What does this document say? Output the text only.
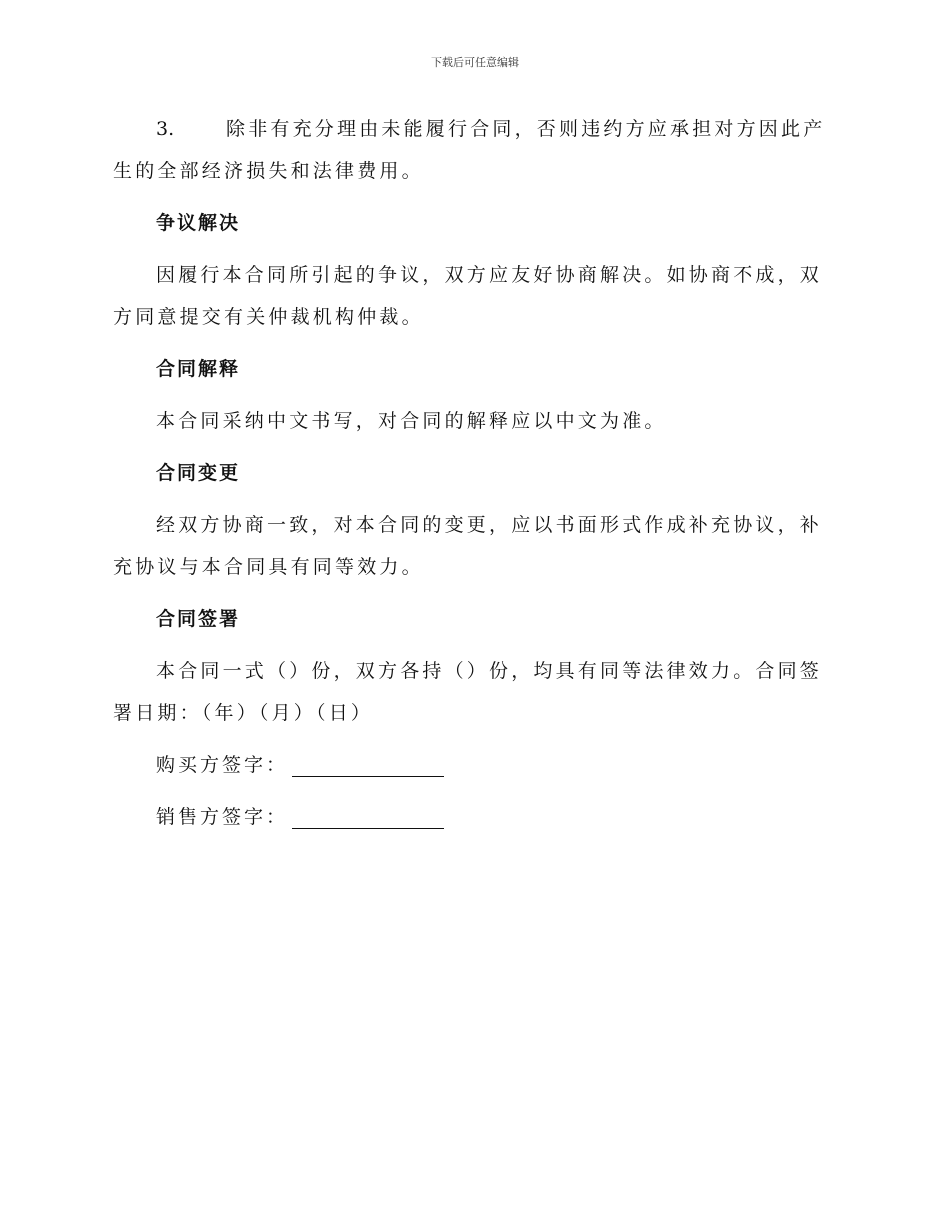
下载后可任意编辑
3.	除非有充分理由未能履行合同，否则违约方应承担对方因此产生的全部经济损失和法律费用。
争议解决

因履行本合同所引起的争议，双方应友好协商解决。如协商不成，双方同意提交有关仲裁机构仲裁。

合同解释

本合同采纳中文书写，对合同的解释应以中文为准。

合同变更

经双方协商一致，对本合同的变更，应以书面形式作成补充协议，补充协议与本合同具有同等效力。

合同签署

本合同一式（）份，双方各持（）份，均具有同等法律效力。合同签署日期：（年）（月）（日）

购买方签字：
销售方签字：
